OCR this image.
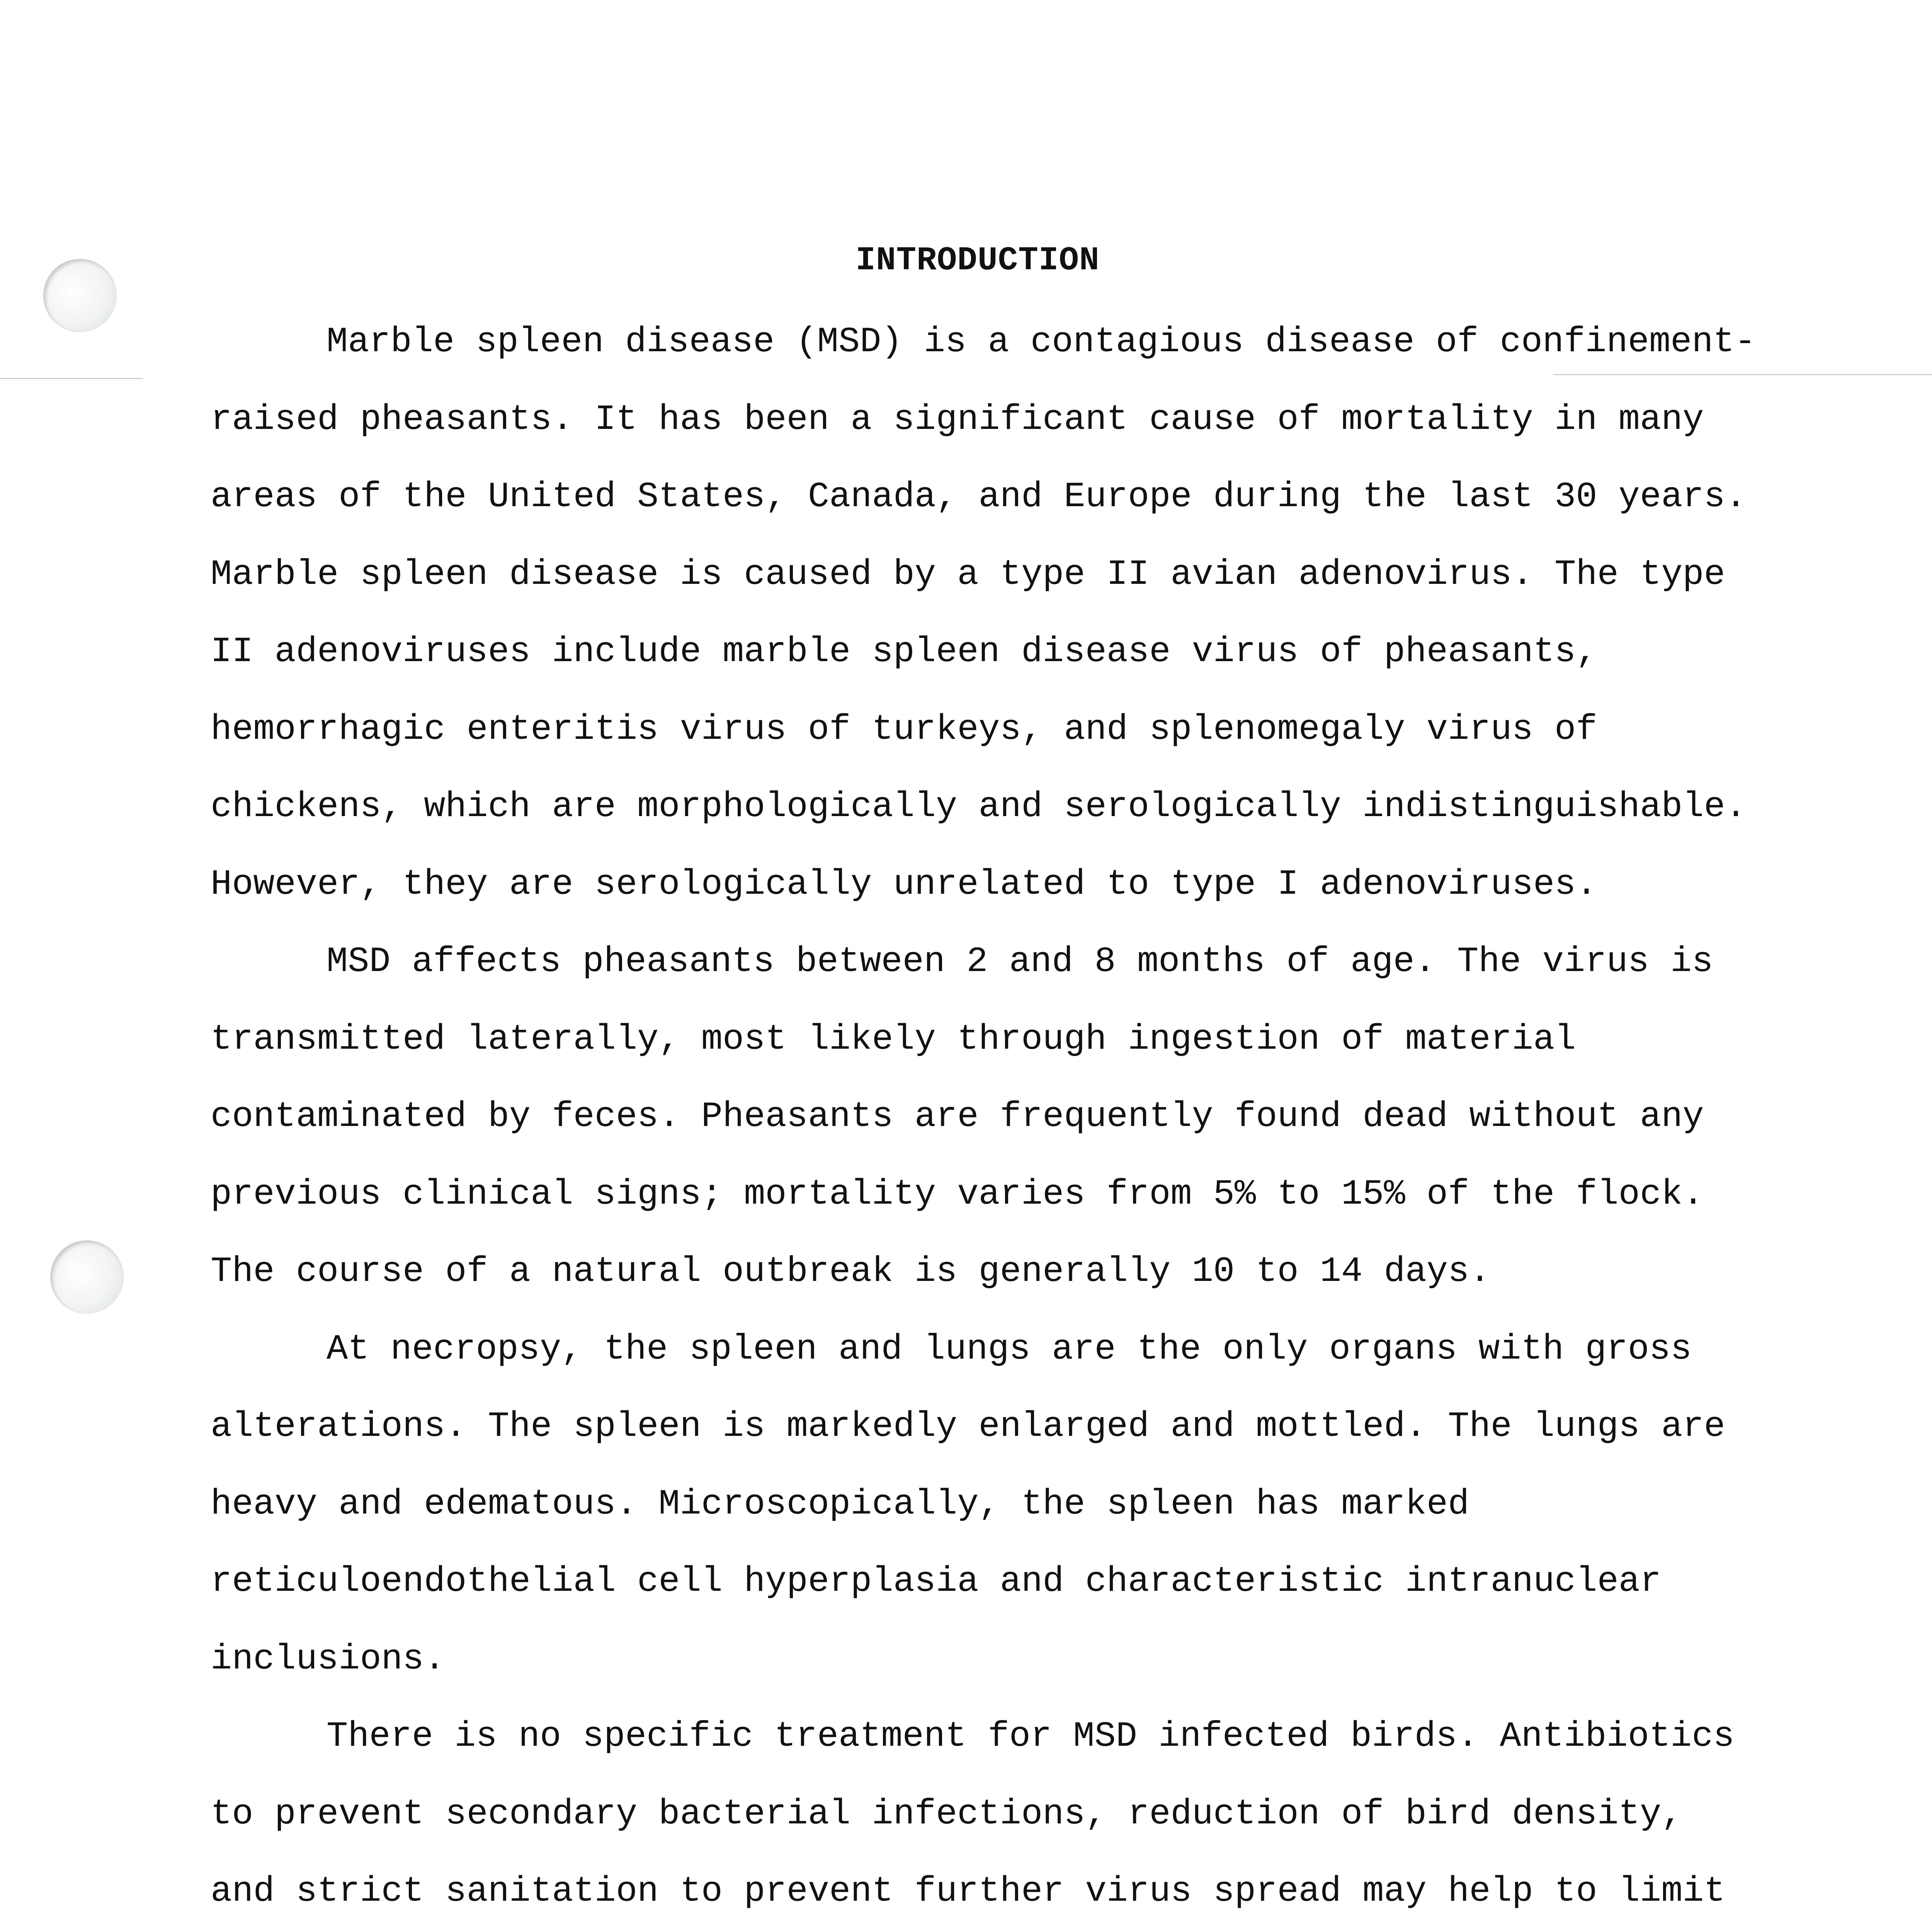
INTRODUCTION

Marble spleen disease (MSD) is a contagious disease of confinement-raised pheasants. It has been a significant cause of mortality in many areas of the United States, Canada, and Europe during the last 30 years. Marble spleen disease is caused by a type II avian adenovirus. The type II adenoviruses include marble spleen disease virus of pheasants, hemorrhagic enteritis virus of turkeys, and splenomegaly virus of chickens, which are morphologically and serologically indistinguishable. However, they are serologically unrelated to type I adenoviruses.

MSD affects pheasants between 2 and 8 months of age. The virus is transmitted laterally, most likely through ingestion of material contaminated by feces. Pheasants are frequently found dead without any previous clinical signs; mortality varies from 5% to 15% of the flock. The course of a natural outbreak is generally 10 to 14 days.

At necropsy, the spleen and lungs are the only organs with gross alterations. The spleen is markedly enlarged and mottled. The lungs are heavy and edematous. Microscopically, the spleen has marked reticuloendothelial cell hyperplasia and characteristic intranuclear inclusions.

There is no specific treatment for MSD infected birds. Antibiotics to prevent secondary bacterial infections, reduction of bird density, and strict sanitation to prevent further virus spread may help to limit
